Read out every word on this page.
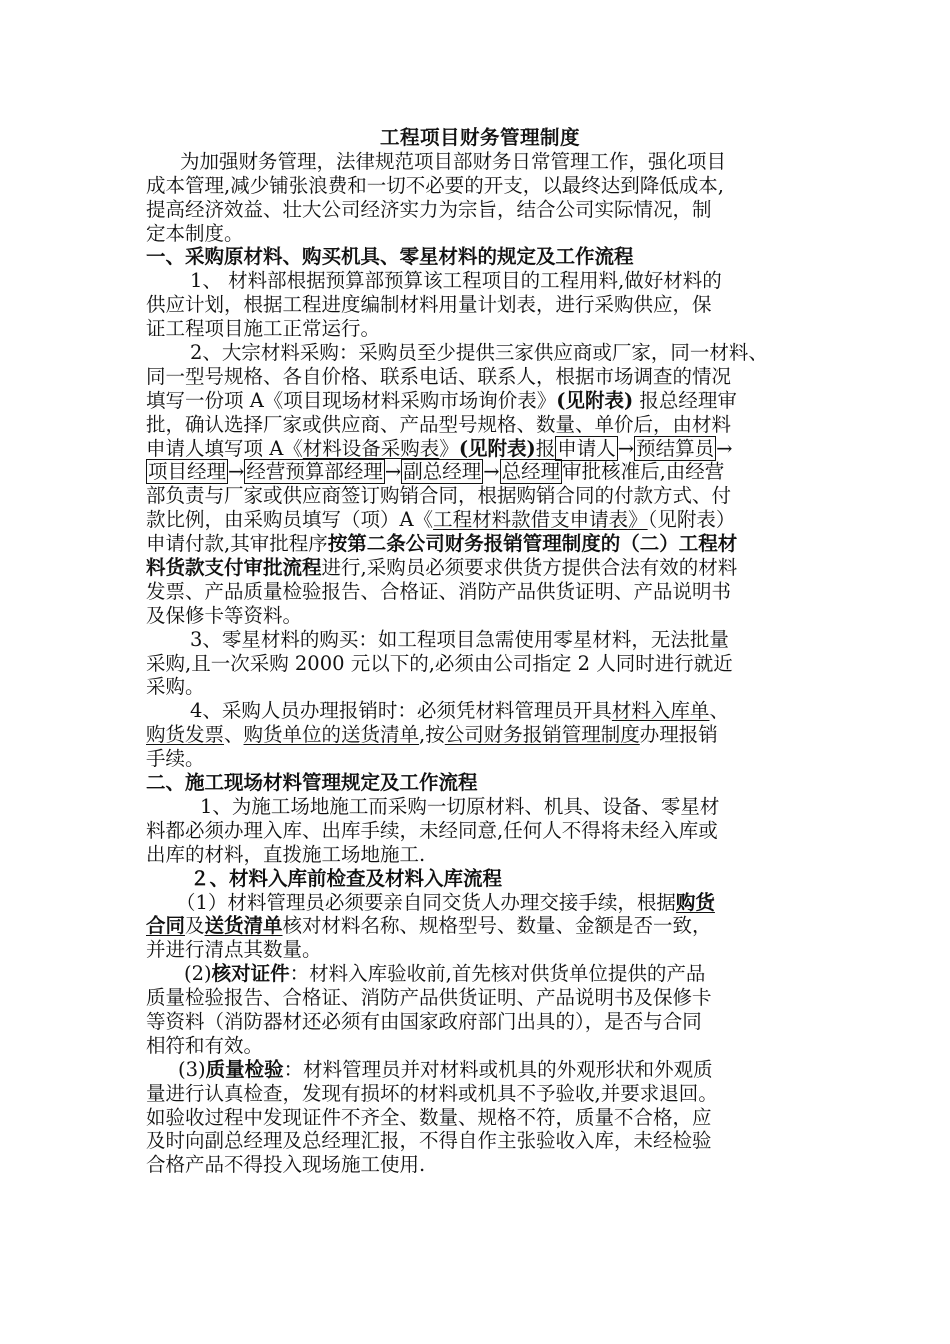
工程项目财务管理制度
为加强财务管理，法律规范项目部财务日常管理工作，强化项目
成本管理,减少铺张浪费和一切不必要的开支，以最终达到降低成本,
提高经济效益、壮大公司经济实力为宗旨，结合公司实际情况，制
定本制度。
一、采购原材料、购买机具、零星材料的规定及工作流程
1、 材料部根据预算部预算该工程项目的工程用料,做好材料的
供应计划，根据工程进度编制材料用量计划表，进行采购供应，保
证工程项目施工正常运行。
2、大宗材料采购：采购员至少提供三家供应商或厂家，同一材料、
同一型号规格、各自价格、联系电话、联系人，根据市场调查的情况
填写一份项 A《项目现场材料采购市场询价表》(见附表) 报总经理审
批，确认选择厂家或供应商、产品型号规格、数量、单价后，由材料
申请人填写项 A《材料设备采购表》(见附表)报 申请人 → 预结算员 →
项目经理 → 经营预算部经理 → 副总经理 → 总经理 审批核准后,由经营
部负责与厂家或供应商签订购销合同，根据购销合同的付款方式、付
款比例，由采购员填写（项）A《工程材料款借支申请表》（见附表）
申请付款,其审批程序按第二条公司财务报销管理制度的（二）工程材
料货款支付审批流程进行,采购员必须要求供货方提供合法有效的材料
发票、产品质量检验报告、合格证、消防产品供货证明、产品说明书
及保修卡等资料。
3、零星材料的购买：如工程项目急需使用零星材料，无法批量
采购,且一次采购 2000 元以下的,必须由公司指定 2 人同时进行就近
采购。
4、采购人员办理报销时：必须凭材料管理员开具材料入库单、
购货发票、购货单位的送货清单,按公司财务报销管理制度办理报销
手续。
二、施工现场材料管理规定及工作流程
1、为施工场地施工而采购一切原材料、机具、设备、零星材
料都必须办理入库、出库手续，未经同意,任何人不得将未经入库或
出库的材料，直拨施工场地施工.
２、材料入库前检查及材料入库流程
（1）材料管理员必须要亲自同交货人办理交接手续，根据购货
合同及送货清单核对材料名称、规格型号、数量、金额是否一致，
并进行清点其数量。
(2)核对证件：材料入库验收前,首先核对供货单位提供的产品
质量检验报告、合格证、消防产品供货证明、产品说明书及保修卡
等资料（消防器材还必须有由国家政府部门出具的），是否与合同
相符和有效。
(3)质量检验：材料管理员并对材料或机具的外观形状和外观质
量进行认真检查，发现有损坏的材料或机具不予验收,并要求退回。
如验收过程中发现证件不齐全、数量、规格不符，质量不合格，应
及时向副总经理及总经理汇报，不得自作主张验收入库，未经检验
合格产品不得投入现场施工使用.
